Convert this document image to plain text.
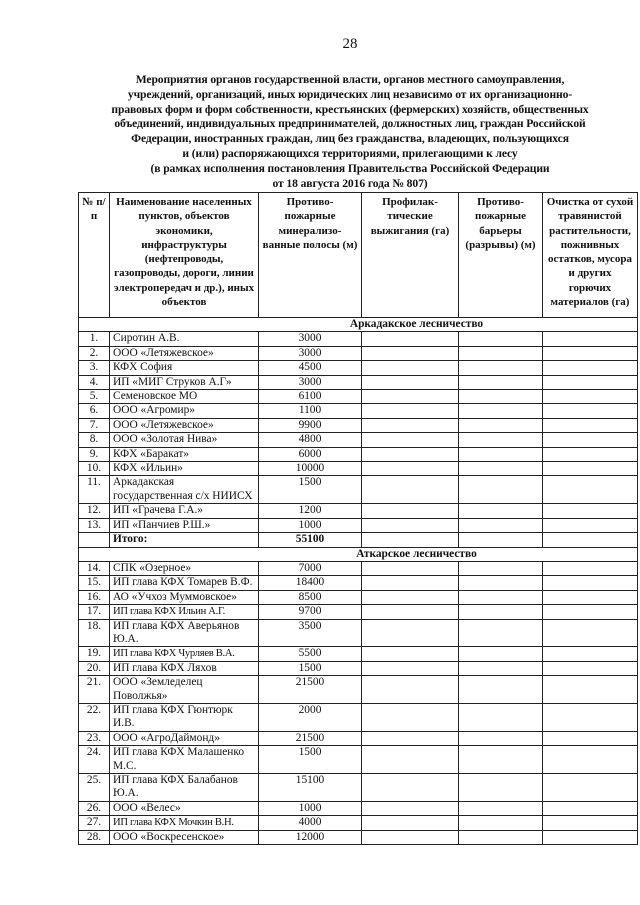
28
Мероприятия органов государственной власти, органов местного самоуправления,
учреждений, организаций, иных юридических лиц независимо от их организационно-
правовых форм и форм собственности, крестьянских (фермерских) хозяйств, общественных
объединений, индивидуальных предпринимателей, должностных лиц, граждан Российской
Федерации, иностранных граждан, лиц без гражданства, владеющих, пользующихся
и (или) распоряжающихся территориями, прилегающими к лесу
(в рамках исполнения постановления Правительства Российской Федерации
от 18 августа 2016 года № 807)
№ п/п	Наименование населенных пунктов, объектов экономики, инфраструктуры (нефтепроводы, газопроводы, дороги, линии электропередач и др.), иных объектов	Противо-пожарные минерализо-ванные полосы (м)	Профилак-тические выжигания (га)	Противо-пожарные барьеры (разрывы) (м)	Очистка от сухой травянистой растительности, пожнивных остатков, мусора и других горючих материалов (га)
Аркадакское лесничество					
1.	Сиротин А.В.	3000			
2.	ООО «Летяжевское»	3000			
3.	КФХ София	4500			
4.	ИП «МИГ Струков А.Г»	3000			
5.	Семеновское МО	6100			
6.	ООО «Агромир»	1100			
7.	ООО «Летяжевское»	9900			
8.	ООО «Золотая Нива»	4800			
9.	КФХ «Баракат»	6000			
10.	КФХ «Ильин»	10000			
11.	Аркадакская государственная с/х НИИСХ	1500			
12.	ИП «Грачева Г.А.»	1200			
13.	ИП «Панчиев Р.Ш.»	1000			
	Итого:	55100			
Аткарское лесничество					
14.	СПК «Озерное»	7000			
15.	ИП глава КФХ Томарев В.Ф.	18400			
16.	АО «Учхоз Муммовское»	8500			
17.	ИП глава КФХ Ильин А.Г.	9700			
18.	ИП глава КФХ Аверьянов Ю.А.	3500			
19.	ИП глава КФХ Чурляев В.А.	5500			
20.	ИП глава КФХ Ляхов	1500			
21.	ООО «Земледелец Поволжья»	21500			
22.	ИП глава КФХ Гюнтюрк И.В.	2000			
23.	ООО «АгроДаймонд»	21500			
24.	ИП глава КФХ Малашенко М.С.	1500			
25.	ИП глава КФХ Балабанов Ю.А.	15100			
26.	ООО «Велес»	1000			
27.	ИП глава КФХ Мочкин В.Н.	4000			
28.	ООО «Воскресенское»	12000			
